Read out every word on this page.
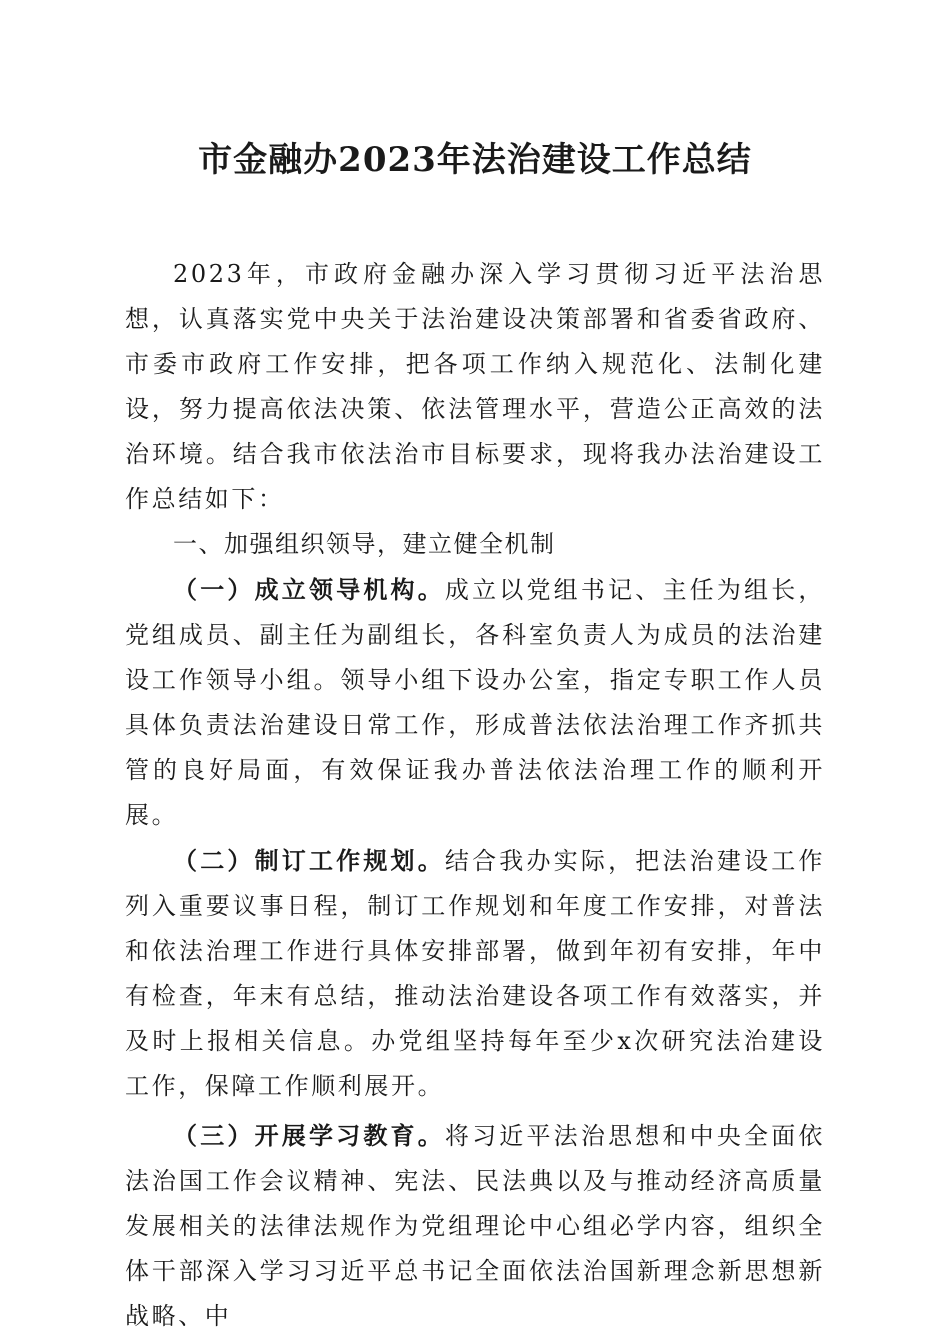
市金融办2023年法治建设工作总结

2023年，市政府金融办深入学习贯彻习近平法治思想，认真落实党中央关于法治建设决策部署和省委省政府、市委市政府工作安排，把各项工作纳入规范化、法制化建设，努力提高依法决策、依法管理水平，营造公正高效的法治环境。结合我市依法治市目标要求，现将我办法治建设工作总结如下：

一、加强组织领导，建立健全机制

（一）成立领导机构。成立以党组书记、主任为组长，党组成员、副主任为副组长，各科室负责人为成员的法治建设工作领导小组。领导小组下设办公室，指定专职工作人员具体负责法治建设日常工作，形成普法依法治理工作齐抓共管的良好局面，有效保证我办普法依法治理工作的顺利开展。

（二）制订工作规划。结合我办实际，把法治建设工作列入重要议事日程，制订工作规划和年度工作安排，对普法和依法治理工作进行具体安排部署，做到年初有安排，年中有检查，年末有总结，推动法治建设各项工作有效落实，并及时上报相关信息。办党组坚持每年至少x次研究法治建设工作，保障工作顺利展开。

（三）开展学习教育。将习近平法治思想和中央全面依法治国工作会议精神、宪法、民法典以及与推动经济高质量发展相关的法律法规作为党组理论中心组必学内容，组织全体干部深入学习习近平总书记全面依法治国新理念新思想新战略、中
